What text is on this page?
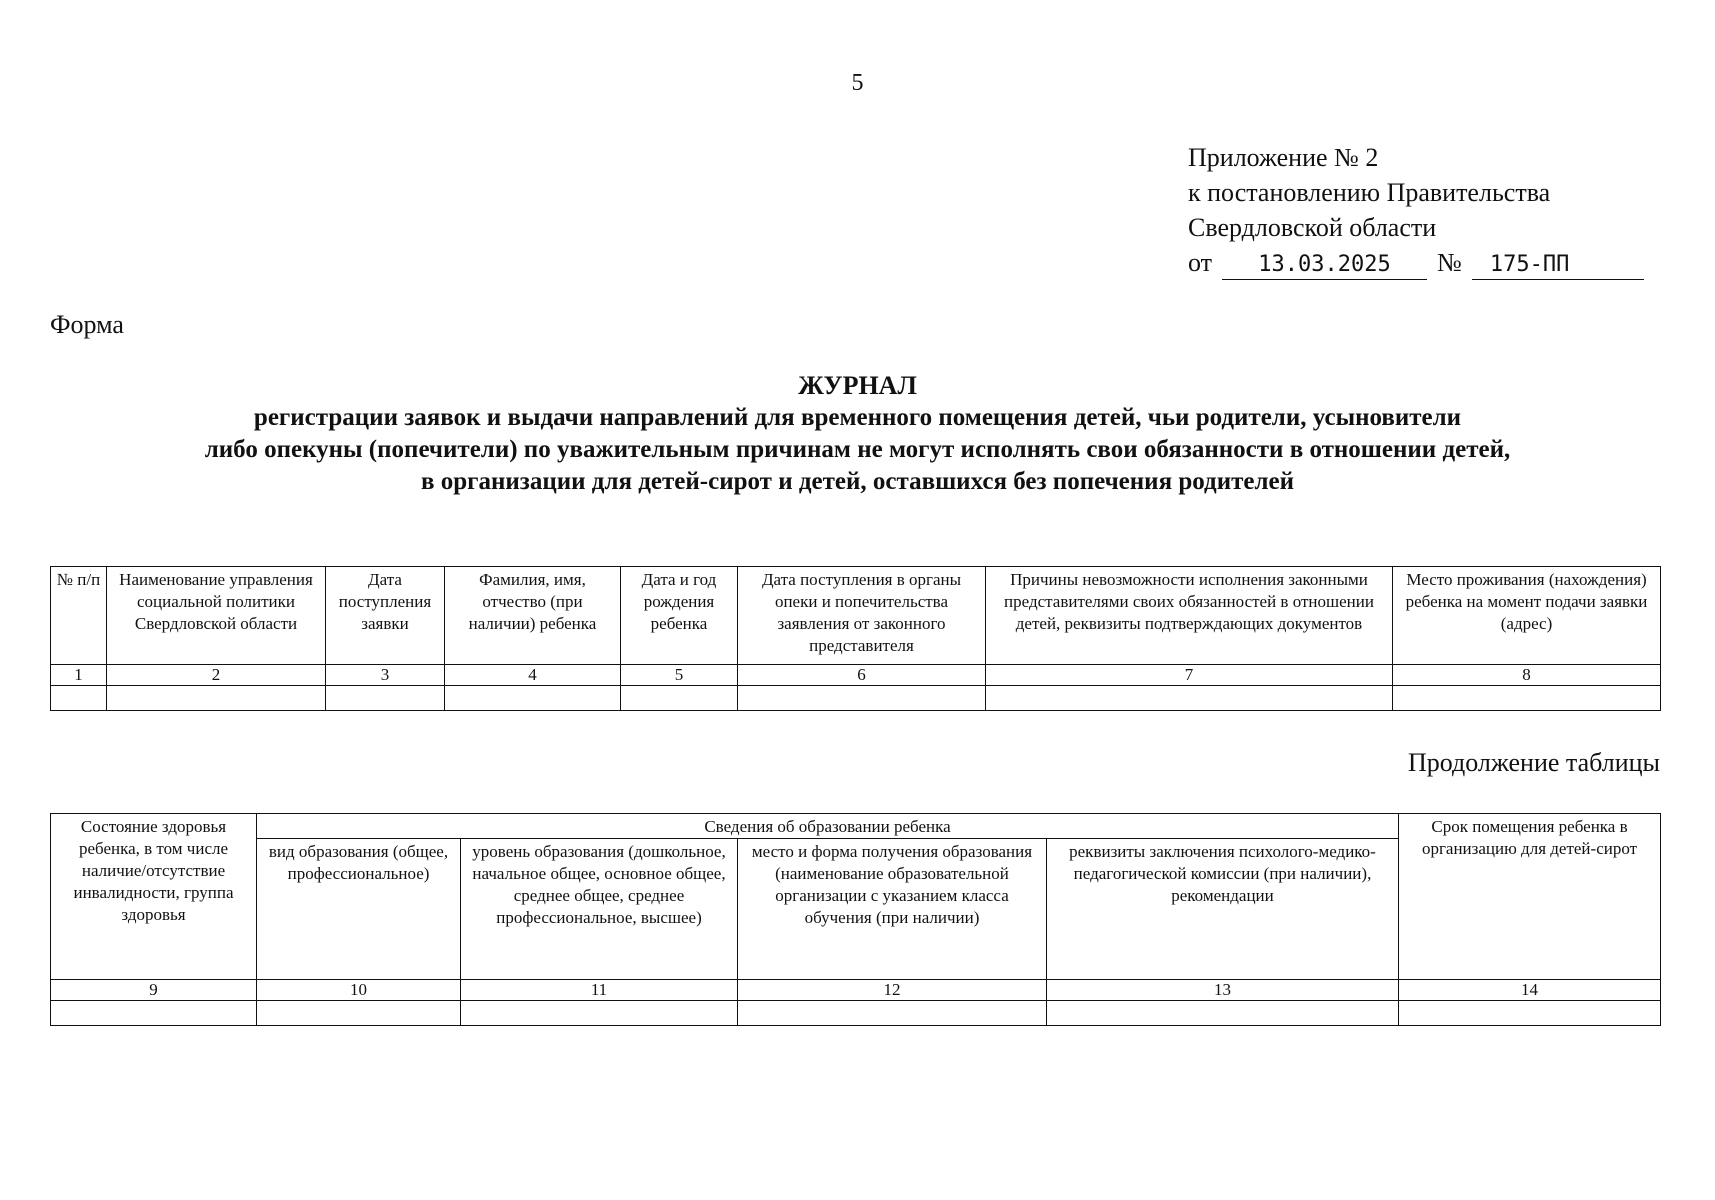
5
Приложение № 2
к постановлению Правительства
Свердловской области
от 13.03.2025 № 175-ПП
Форма
ЖУРНАЛ
регистрации заявок и выдачи направлений для временного помещения детей, чьи родители, усыновители
либо опекуны (попечители) по уважительным причинам не могут исполнять свои обязанности в отношении детей,
в организации для детей-сирот и детей, оставшихся без попечения родителей
№ п/п	Наименование управления социальной политики Свердловской области	Дата поступления заявки	Фамилия, имя, отчество (при наличии) ребенка	Дата и год рождения ребенка	Дата поступления в органы опеки и попечительства заявления от законного представителя	Причины невозможности исполнения законными представителями своих обязанностей в отношении детей, реквизиты подтверждающих документов	Место проживания (нахождения) ребенка на момент подачи заявки (адрес)
1	2	3	4	5	6	7	8

Продолжение таблицы
Состояние здоровья ребенка, в том числе наличие/отсутствие инвалидности, группа здоровья	Сведения об образовании ребенка				Срок помещения ребенка в организацию для детей-сирот
	вид образования (общее, профессиональное)	уровень образования (дошкольное, начальное общее, основное общее, среднее общее, среднее профессиональное, высшее)	место и форма получения образования (наименование образовательной организации с указанием класса обучения (при наличии)	реквизиты заключения психолого-медико-педагогической комиссии (при наличии), рекомендации	
9	10	11	12	13	14
